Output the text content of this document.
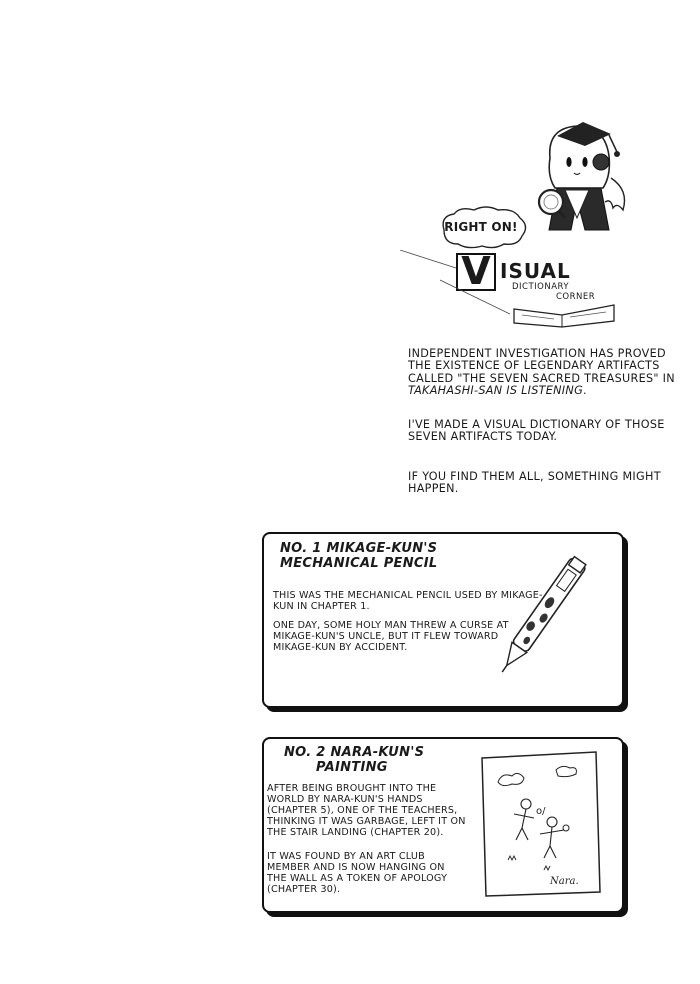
RIGHT ON!
V ISUAL
DICTIONARY
CORNER
INDEPENDENT INVESTIGATION HAS PROVED THE EXISTENCE OF LEGENDARY ARTIFACTS CALLED "THE SEVEN SACRED TREASURES" IN TAKAHASHI-SAN IS LISTENING.
I'VE MADE A VISUAL DICTIONARY OF THOSE SEVEN ARTIFACTS TODAY.
IF YOU FIND THEM ALL, SOMETHING MIGHT HAPPEN.
NO. 1 MIKAGE-KUN'S
MECHANICAL PENCIL
THIS WAS THE MECHANICAL PENCIL USED BY MIKAGE-KUN IN CHAPTER 1.
ONE DAY, SOME HOLY MAN THREW A CURSE AT MIKAGE-KUN'S UNCLE, BUT IT FLEW TOWARD MIKAGE-KUN BY ACCIDENT.
NO. 2 NARA-KUN'S
PAINTING
AFTER BEING BROUGHT INTO THE WORLD BY NARA-KUN'S HANDS (CHAPTER 5), ONE OF THE TEACHERS, THINKING IT WAS GARBAGE, LEFT IT ON THE STAIR LANDING (CHAPTER 20).
IT WAS FOUND BY AN ART CLUB MEMBER AND IS NOW HANGING ON THE WALL AS A TOKEN OF APOLOGY (CHAPTER 30).
o/
Nara.
